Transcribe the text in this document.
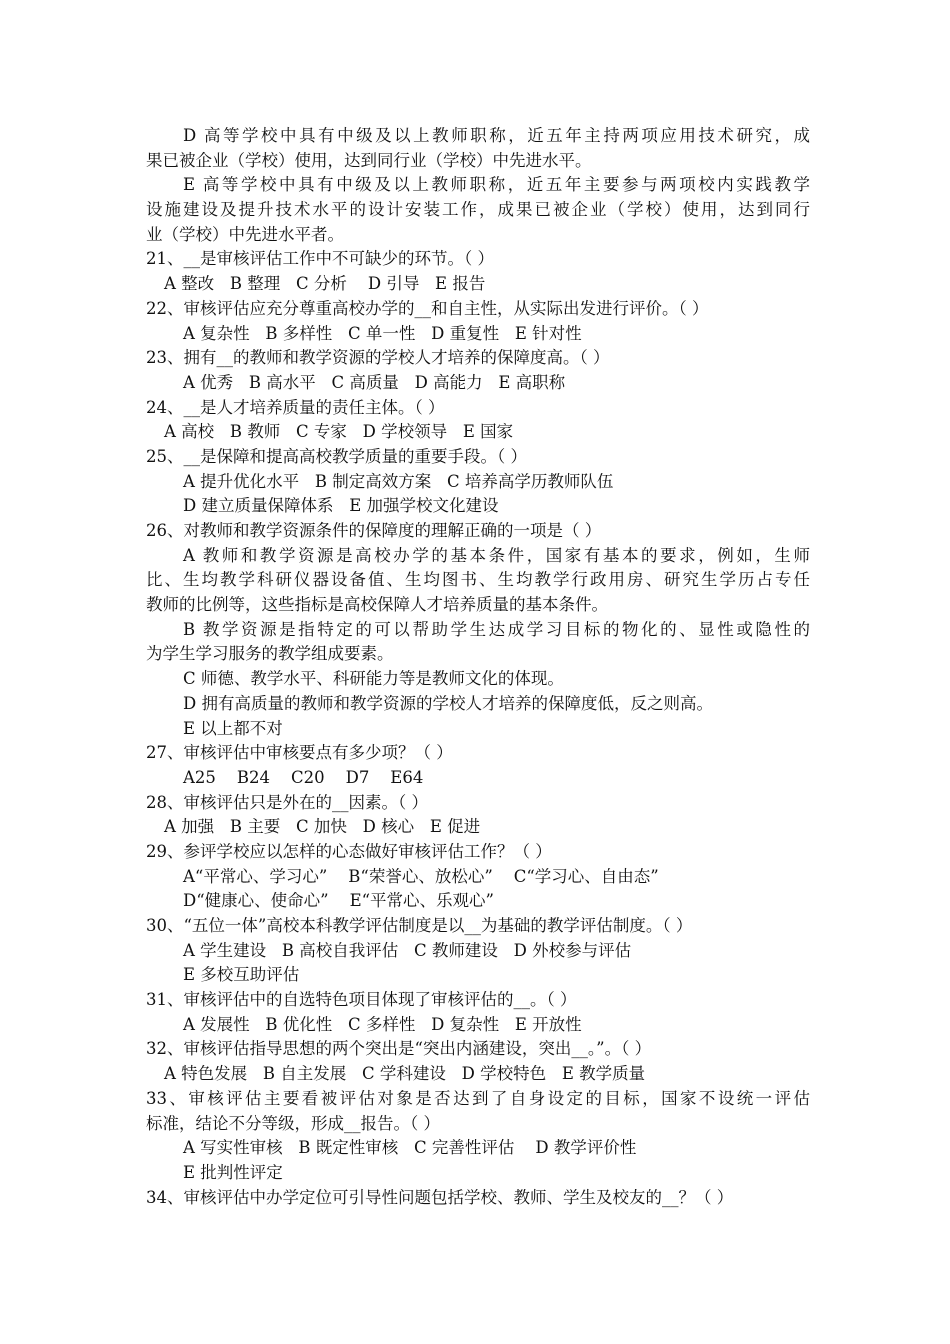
D 高等学校中具有中级及以上教师职称，近五年主持两项应用技术研究，成
果已被企业（学校）使用，达到同行业（学校）中先进水平。
E 高等学校中具有中级及以上教师职称，近五年主要参与两项校内实践教学
设施建设及提升技术水平的设计安装工作，成果已被企业（学校）使用，达到同行
业（学校）中先进水平者。
21、__是审核评估工作中不可缺少的环节。（ ）
A 整改   B 整理   C 分析    D 引导   E 报告
22、审核评估应充分尊重高校办学的__和自主性，从实际出发进行评价。（ ）
A 复杂性   B 多样性   C 单一性   D 重复性   E 针对性
23、拥有__的教师和教学资源的学校人才培养的保障度高。（ ）
A 优秀   B 高水平   C 高质量   D 高能力   E 高职称
24、__是人才培养质量的责任主体。（ ）
A 高校   B 教师   C 专家   D 学校领导   E 国家
25、__是保障和提高高校教学质量的重要手段。（ ）
A 提升优化水平   B 制定高效方案   C 培养高学历教师队伍
D 建立质量保障体系   E 加强学校文化建设
26、对教师和教学资源条件的保障度的理解正确的一项是（ ）
A 教师和教学资源是高校办学的基本条件，国家有基本的要求，例如，生师
比、生均教学科研仪器设备值、生均图书、生均教学行政用房、研究生学历占专任
教师的比例等，这些指标是高校保障人才培养质量的基本条件。
B 教学资源是指特定的可以帮助学生达成学习目标的物化的、显性或隐性的
为学生学习服务的教学组成要素。
C 师德、教学水平、科研能力等是教师文化的体现。
D 拥有高质量的教师和教学资源的学校人才培养的保障度低，反之则高。
E 以上都不对
27、审核评估中审核要点有多少项？（ ）
A25    B24    C20    D7    E64
28、审核评估只是外在的__因素。（ ）
A 加强   B 主要   C 加快   D 核心   E 促进
29、参评学校应以怎样的心态做好审核评估工作？（ ）
A“平常心、学习心”    B“荣誉心、放松心”    C“学习心、自由态”
D“健康心、使命心”    E“平常心、乐观心”
30、“五位一体”高校本科教学评估制度是以__为基础的教学评估制度。（ ）
A 学生建设   B 高校自我评估   C 教师建设   D 外校参与评估
E 多校互助评估
31、审核评估中的自选特色项目体现了审核评估的__。（ ）
A 发展性   B 优化性   C 多样性   D 复杂性   E 开放性
32、审核评估指导思想的两个突出是“突出内涵建设，突出__。”。（ ）
A 特色发展   B 自主发展   C 学科建设   D 学校特色   E 教学质量
33、审核评估主要看被评估对象是否达到了自身设定的目标，国家不设统一评估
标准，结论不分等级，形成__报告。（ ）
A 写实性审核   B 既定性审核   C 完善性评估    D 教学评价性
E 批判性评定
34、审核评估中办学定位可引导性问题包括学校、教师、学生及校友的__？（ ）
